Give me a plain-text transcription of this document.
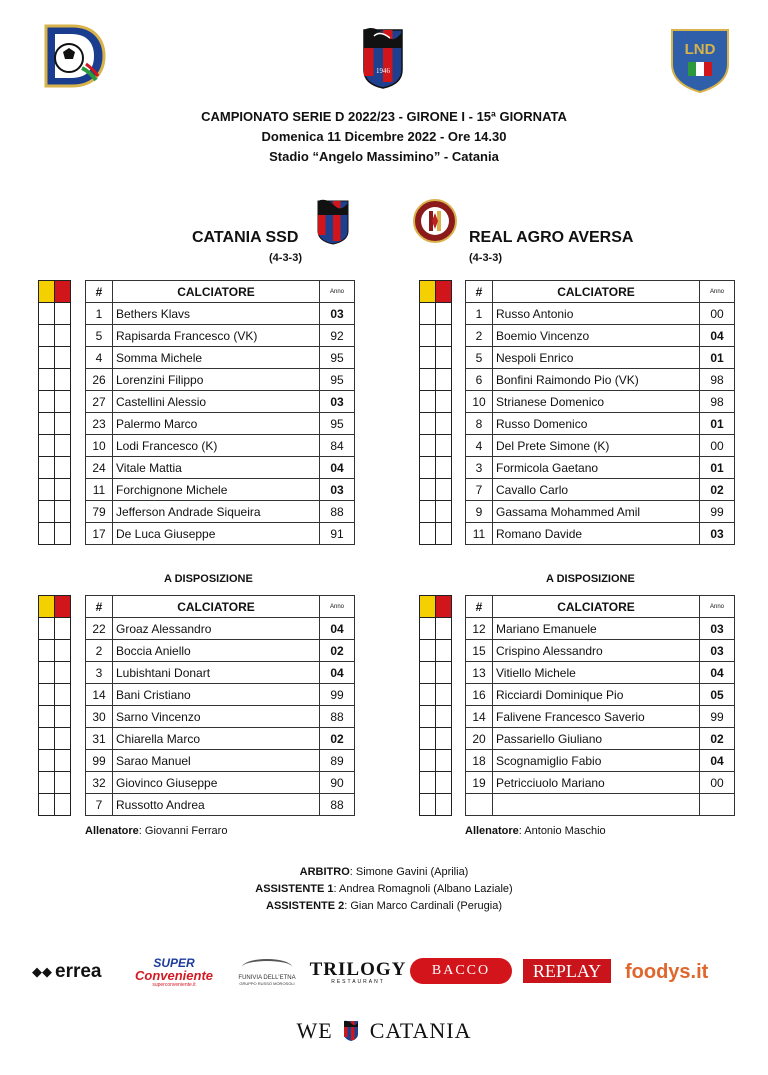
1946
LND
CAMPIONATO SERIE D 2022/23 - GIRONE I - 15ª GIORNATA
Domenica 11 Dicembre 2022 - Ore 14.30
Stadio “Angelo Massimino” - Catania
CATANIA SSD
(4-3-3)
REAL AGRO AVERSA
(4-3-3)

#	CALCIATORE	Anno
1	Bethers Klavs	03
5	Rapisarda Francesco (VK)	92
4	Somma Michele	95
26	Lorenzini Filippo	95
27	Castellini Alessio	03
23	Palermo Marco	95
10	Lodi Francesco (K)	84
24	Vitale Mattia	04
11	Forchignone Michele	03
79	Jefferson Andrade Siqueira	88
17	De Luca Giuseppe	91

#	CALCIATORE	Anno
1	Russo Antonio	00
2	Boemio Vincenzo	04
5	Nespoli Enrico	01
6	Bonfini Raimondo Pio (VK)	98
10	Strianese Domenico	98
8	Russo Domenico	01
4	Del Prete Simone (K)	00
3	Formicola Gaetano	01
7	Cavallo Carlo	02
9	Gassama Mohammed Amil	99
11	Romano Davide	03
A DISPOSIZIONE	A DISPOSIZIONE

#	CALCIATORE	Anno
22	Groaz Alessandro	04
2	Boccia Aniello	02
3	Lubishtani Donart	04
14	Bani Cristiano	99
30	Sarno Vincenzo	88
31	Chiarella Marco	02
99	Sarao Manuel	89
32	Giovinco Giuseppe	90
7	Russotto Andrea	88

#	CALCIATORE	Anno
12	Mariano Emanuele	03
15	Crispino Alessandro	03
13	Vitiello Michele	04
16	Ricciardi Dominique Pio	05
14	Falivene Francesco Saverio	99
20	Passariello Giuliano	02
18	Scognamiglio Fabio	04
19	Petricciuolo Mariano	00

Allenatore: Giovanni Ferraro	Allenatore: Antonio Maschio
ARBITRO: Simone Gavini (Aprilia)
ASSISTENTE 1: Andrea Romagnoli (Albano Laziale)
ASSISTENTE 2: Gian Marco Cardinali (Perugia)
◆◆ errea	SUPER
Conveniente
superconveniente.it
FUNIVIA DELL'ETNA
GRUPPO RUSSO MOROSOLI
TRILOGY
RESTAURANT
BACCO REPLAY foodys.it
WE CATANIA
